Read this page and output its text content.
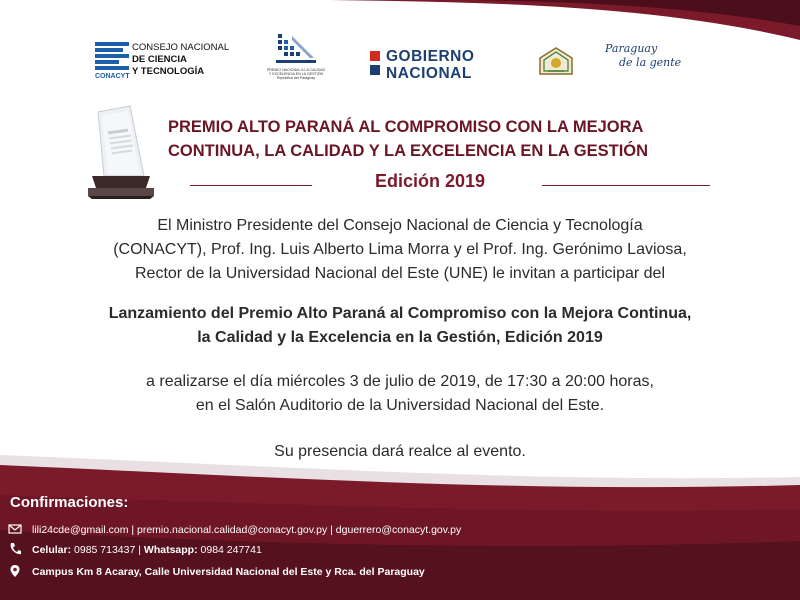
CONACYT
CONSEJO NACIONAL
DE CIENCIA
Y TECNOLOGÍA	PREMIO NACIONAL A LA CALIDAD
Y EXCELENCIA EN LA GESTIÓN
República del Paraguay
GOBIERNO
NACIONAL
Paraguay
de la gente
PREMIO ALTO PARANÁ AL COMPROMISO CON LA MEJORA
CONTINUA, LA CALIDAD Y LA EXCELENCIA EN LA GESTIÓN
Edición 2019
El Ministro Presidente del Consejo Nacional de Ciencia y Tecnología
(CONACYT), Prof. Ing. Luis Alberto Lima Morra y el Prof. Ing. Gerónimo Laviosa,
Rector de la Universidad Nacional del Este (UNE) le invitan a participar del
Lanzamiento del Premio Alto Paraná al Compromiso con la Mejora Continua,
la Calidad y la Excelencia en la Gestión, Edición 2019
a realizarse el día miércoles 3 de julio de 2019, de 17:30 a 20:00 horas,
en el Salón Auditorio de la Universidad Nacional del Este.
Su presencia dará realce al evento.
Confirmaciones:
lili24cde@gmail.com | premio.nacional.calidad@conacyt.gov.py | dguerrero@conacyt.gov.py
Celular: 0985 713437 | Whatsapp: 0984 247741
Campus Km 8 Acaray, Calle Universidad Nacional del Este y Rca. del Paraguay
